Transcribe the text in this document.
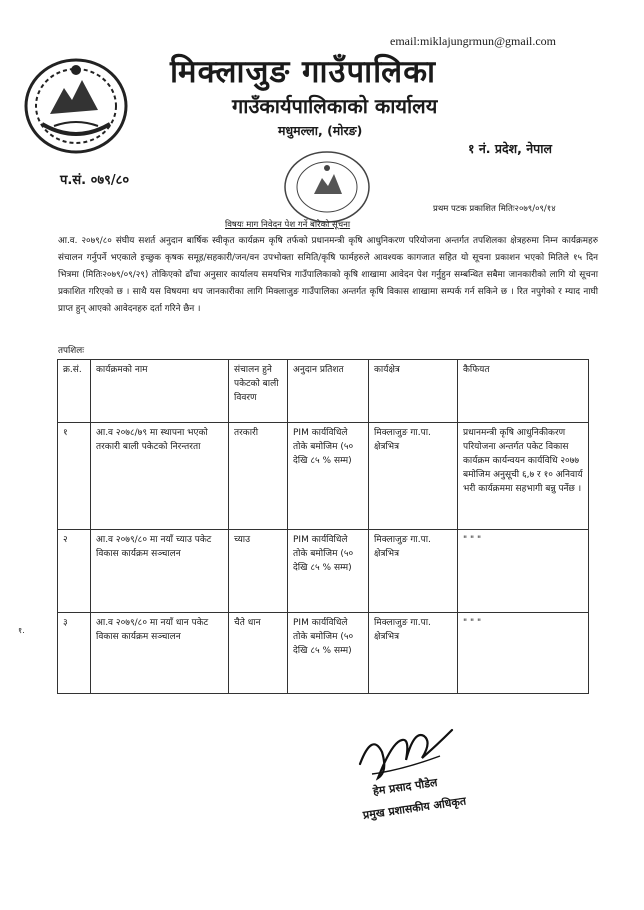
email:miklajungrmun@gmail.com
मिक्लाजुङ गाउँपालिका
गाउँकार्यपालिकाको कार्यालय
मधुमल्ला, (मोरङ)
१ नं. प्रदेश, नेपाल
प.सं. ०७९/८०
प्रथम पटक प्रकाशित मितिः२०७९/०९/१४
विषयः माग निवेदन पेश गर्ने बारेको सूचना
आ.व. २०७९/८० संघीय सशर्त अनुदान बार्षिक स्वीकृत कार्यक्रम कृषि तर्फको प्रधानमन्त्री कृषि आधुनिकरण परियोजना अन्तर्गत तपशिलका क्षेत्रहरुमा निम्न कार्यक्रमहरु संचालन गर्नुपर्ने भएकाले इच्छुक कृषक समूह/सहकारी/जन/वन उपभोक्ता समिति/कृषि फार्महरुले आवश्यक कागजात सहित यो सूचना प्रकाशन भएको मितिले १५ दिन भित्रमा (मितिः२०७९/०९/२९) तोकिएको ढाँचा अनुसार कार्यालय समयभित्र गाउँपालिकाको कृषि शाखामा आवेदन पेश गर्नुहुन सम्बन्धित सबैमा जानकारीको लागि यो सूचना प्रकाशित गरिएको छ । साथै यस विषयमा थप जानकारीका लागि मिक्लाजुङ गाउँपालिका अन्तर्गत कृषि विकास शाखामा सम्पर्क गर्न सकिने छ । रित नपुगेको र म्याद नाघी प्राप्त हुन् आएको आवेदनहरु दर्ता गरिने छैन ।
तपशिलः
क्र.सं.	कार्यक्रमको नाम	संचालन हुने पकेटको बाली विवरण	अनुदान प्रतिशत	कार्यक्षेत्र	कैफियत
१	आ.व २०७८/७९ मा स्थापना भएको तरकारी बाली पकेटको निरन्तरता	तरकारी	PIM कार्यविधिले तोके बमोजिम (५० देखि ८५ % सम्म)	मिक्लाजुङ गा.पा. क्षेत्रभित्र	प्रधानमन्त्री कृषि आधुनिकीकरण परियोजना अन्तर्गत पकेट विकास कार्यक्रम कार्यन्वयन कार्यविधि २०७७ बमोजिम अनुसूची ६,७ र १० अनिवार्य भरी कार्यक्रममा सहभागी बन्नु पर्नेछ ।
२	आ.व २०७९/८० मा नयाँ च्याउ पकेट विकास कार्यक्रम सञ्चालन	च्याउ	PIM कार्यविधिले तोके बमोजिम (५० देखि ८५ % सम्म)	मिक्लाजुङ गा.पा. क्षेत्रभित्र	" " "
३	आ.व २०७९/८० मा नयाँ धान पकेट विकास कार्यक्रम सञ्चालन	चैते धान	PIM कार्यविधिले तोके बमोजिम (५० देखि ८५ % सम्म)	मिक्लाजुङ गा.पा. क्षेत्रभित्र	" " "
१.
हेम प्रसाद पौडेल
प्रमुख प्रशासकीय अधिकृत
